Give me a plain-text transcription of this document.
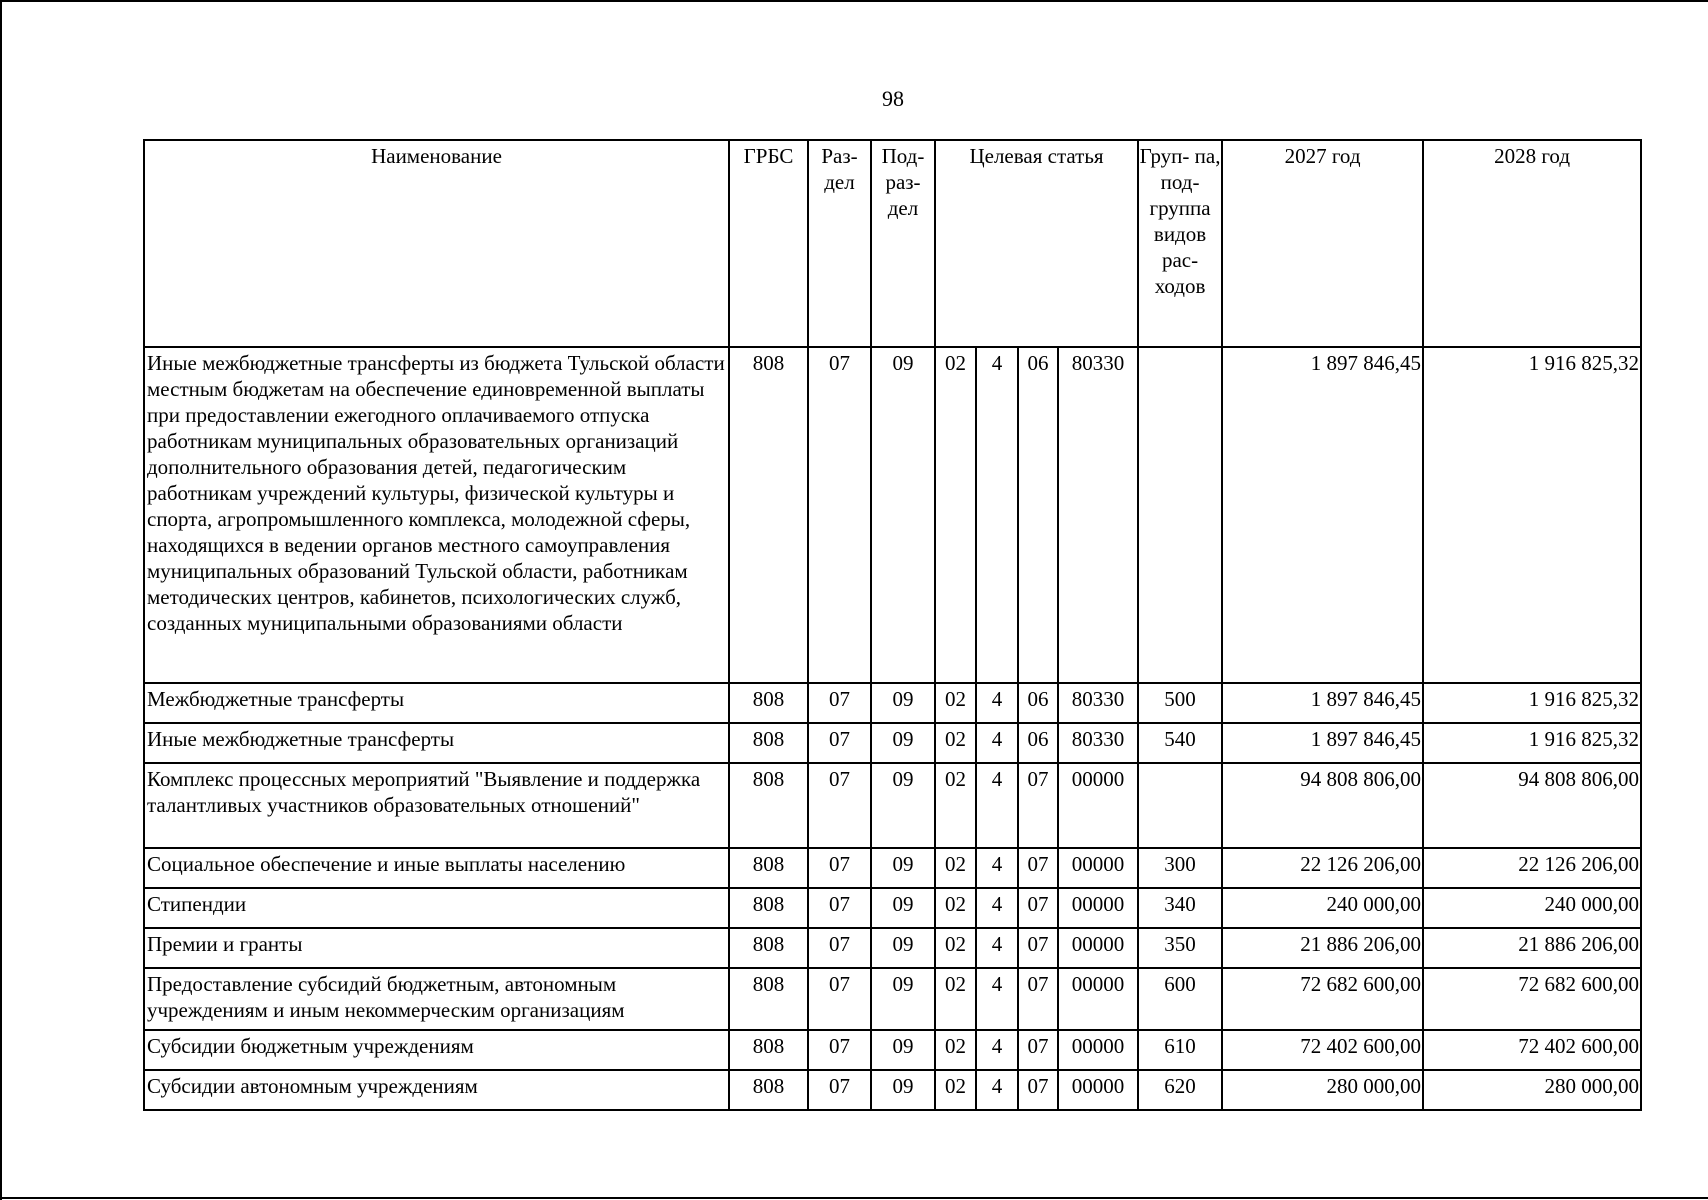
98
Наименование	ГРБС	Раз- дел	Под- раз- дел	Целевая статья				Груп- па, под- группа видов рас- ходов	2027 год	2028 год
Иные межбюджетные трансферты из бюджета Тульской области местным бюджетам на обеспечение единовременной выплаты при предоставлении ежегодного оплачиваемого отпуска работникам муниципальных образовательных организаций дополнительного образования детей, педагогическим работникам учреждений культуры, физической культуры и спорта, агропромышленного комплекса, молодежной сферы, находящихся в ведении органов местного самоуправления муниципальных образований Тульской области, работникам методических центров, кабинетов, психологических служб, созданных муниципальными образованиями области	808	07	09	02	4	06	80330		1 897 846,45	1 916 825,32
Межбюджетные трансферты	808	07	09	02	4	06	80330	500	1 897 846,45	1 916 825,32
Иные межбюджетные трансферты	808	07	09	02	4	06	80330	540	1 897 846,45	1 916 825,32
Комплекс процессных мероприятий "Выявление и поддержка талантливых участников образовательных отношений"	808	07	09	02	4	07	00000		94 808 806,00	94 808 806,00
Социальное обеспечение и иные выплаты населению	808	07	09	02	4	07	00000	300	22 126 206,00	22 126 206,00
Стипендии	808	07	09	02	4	07	00000	340	240 000,00	240 000,00
Премии и гранты	808	07	09	02	4	07	00000	350	21 886 206,00	21 886 206,00
Предоставление субсидий бюджетным, автономным учреждениям и иным некоммерческим организациям	808	07	09	02	4	07	00000	600	72 682 600,00	72 682 600,00
Субсидии бюджетным учреждениям	808	07	09	02	4	07	00000	610	72 402 600,00	72 402 600,00
Субсидии автономным учреждениям	808	07	09	02	4	07	00000	620	280 000,00	280 000,00
